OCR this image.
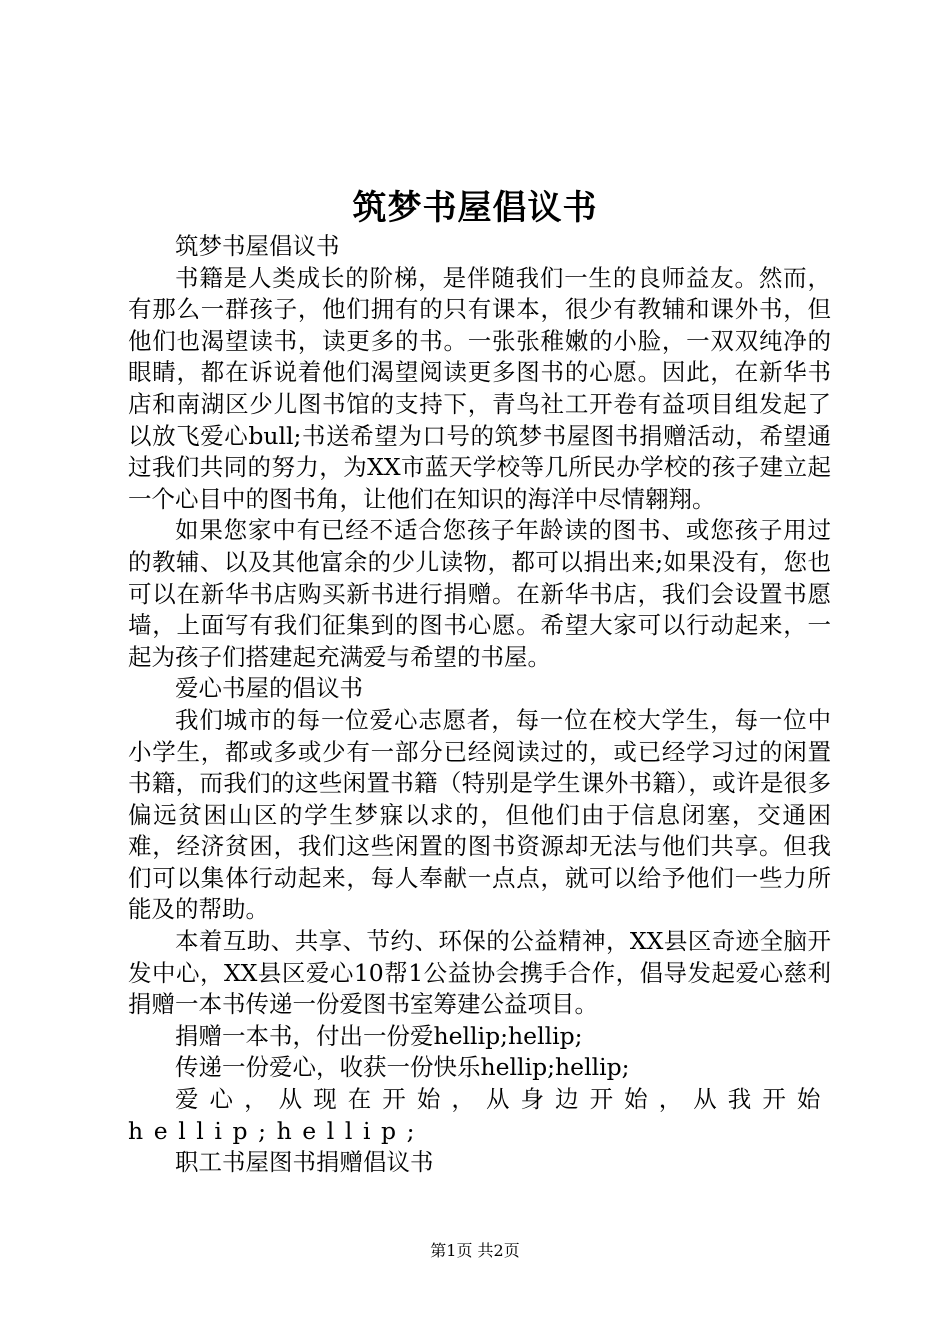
筑梦书屋倡议书

筑梦书屋倡议书

书籍是人类成长的阶梯，是伴随我们一生的良师益友。然而，有那么一群孩子，他们拥有的只有课本，很少有教辅和课外书，但他们也渴望读书，读更多的书。一张张稚嫩的小脸，一双双纯净的眼睛，都在诉说着他们渴望阅读更多图书的心愿。因此，在新华书店和南湖区少儿图书馆的支持下，青鸟社工开卷有益项目组发起了以放飞爱心bull;书送希望为口号的筑梦书屋图书捐赠活动，希望通过我们共同的努力，为XX市蓝天学校等几所民办学校的孩子建立起一个心目中的图书角，让他们在知识的海洋中尽情翱翔。

如果您家中有已经不适合您孩子年龄读的图书、或您孩子用过的教辅、以及其他富余的少儿读物，都可以捐出来;如果没有，您也可以在新华书店购买新书进行捐赠。在新华书店，我们会设置书愿墙，上面写有我们征集到的图书心愿。希望大家可以行动起来，一起为孩子们搭建起充满爱与希望的书屋。

爱心书屋的倡议书

我们城市的每一位爱心志愿者，每一位在校大学生，每一位中小学生，都或多或少有一部分已经阅读过的，或已经学习过的闲置书籍，而我们的这些闲置书籍（特别是学生课外书籍），或许是很多偏远贫困山区的学生梦寐以求的，但他们由于信息闭塞，交通困难，经济贫困，我们这些闲置的图书资源却无法与他们共享。但我们可以集体行动起来，每人奉献一点点，就可以给予他们一些力所能及的帮助。

本着互助、共享、节约、环保的公益精神，XX县区奇迹全脑开发中心，XX县区爱心10帮1公益协会携手合作，倡导发起爱心慈利捐赠一本书传递一份爱图书室筹建公益项目。

捐赠一本书，付出一份爱hellip;hellip;

传递一份爱心，收获一份快乐hellip;hellip;

爱心，从现在开始，从身边开始，从我开始hellip;hellip;

职工书屋图书捐赠倡议书

第1页 共2页
